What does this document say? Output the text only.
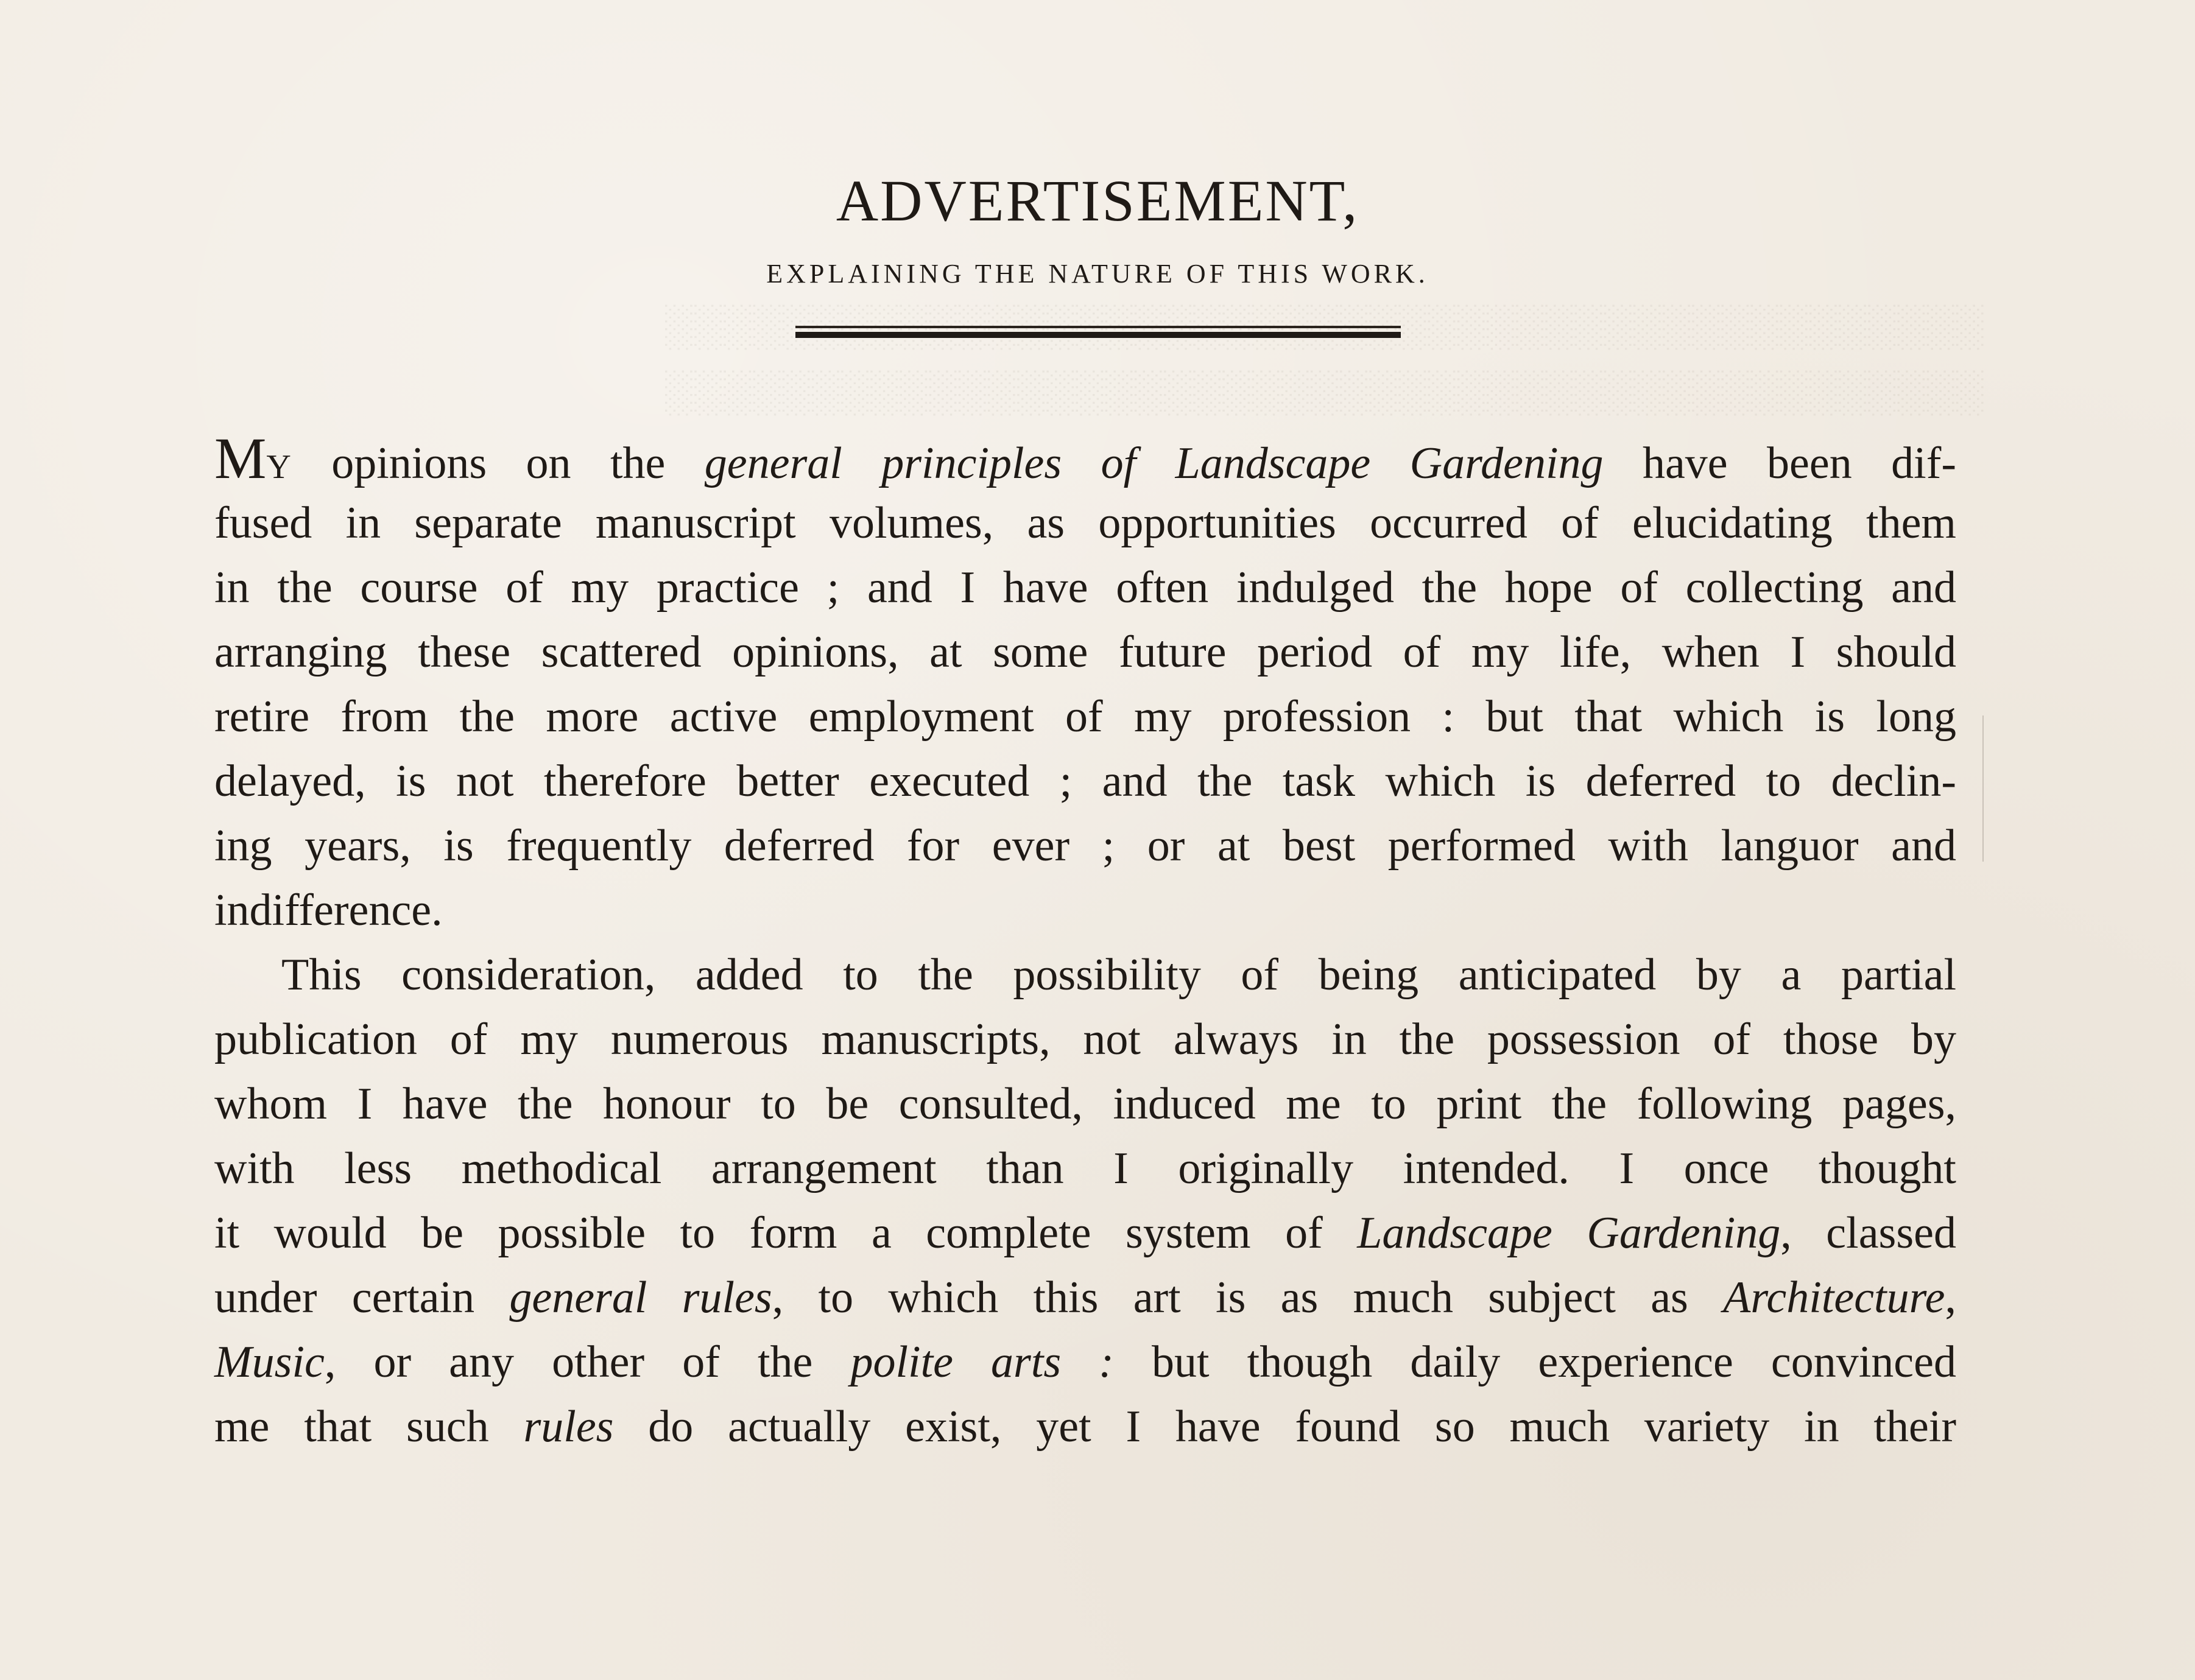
░░░░░░░░░░░░░░░░░░░░░░░░░░░░░░░░░░░░░░░░░░░░░
░░░░░░░░░░░░░░░░░░░░░░░░░░░░░░░░░░░░░░░░░░░░░
ADVERTISEMENT,
EXPLAINING THE NATURE OF THIS WORK.
MY opinions on the general principles of Landscape Gardening have been dif-
fused in separate manuscript volumes, as opportunities occurred of elucidating them
in the course of my practice ; and I have often indulged the hope of collecting and
arranging these scattered opinions, at some future period of my life, when I should
retire from the more active employment of my profession : but that which is long
delayed, is not therefore better executed ; and the task which is deferred to declin-
ing years, is frequently deferred for ever ; or at best performed with languor and
indifference.
This consideration, added to the possibility of being anticipated by a partial
publication of my numerous manuscripts, not always in the possession of those by
whom I have the honour to be consulted, induced me to print the following pages,
with less methodical arrangement than I originally intended. I once thought
it would be possible to form a complete system of Landscape Gardening, classed
under certain general rules, to which this art is as much subject as Architecture,
Music, or any other of the polite arts : but though daily experience convinced
me that such rules do actually exist, yet I have found so much variety in their
